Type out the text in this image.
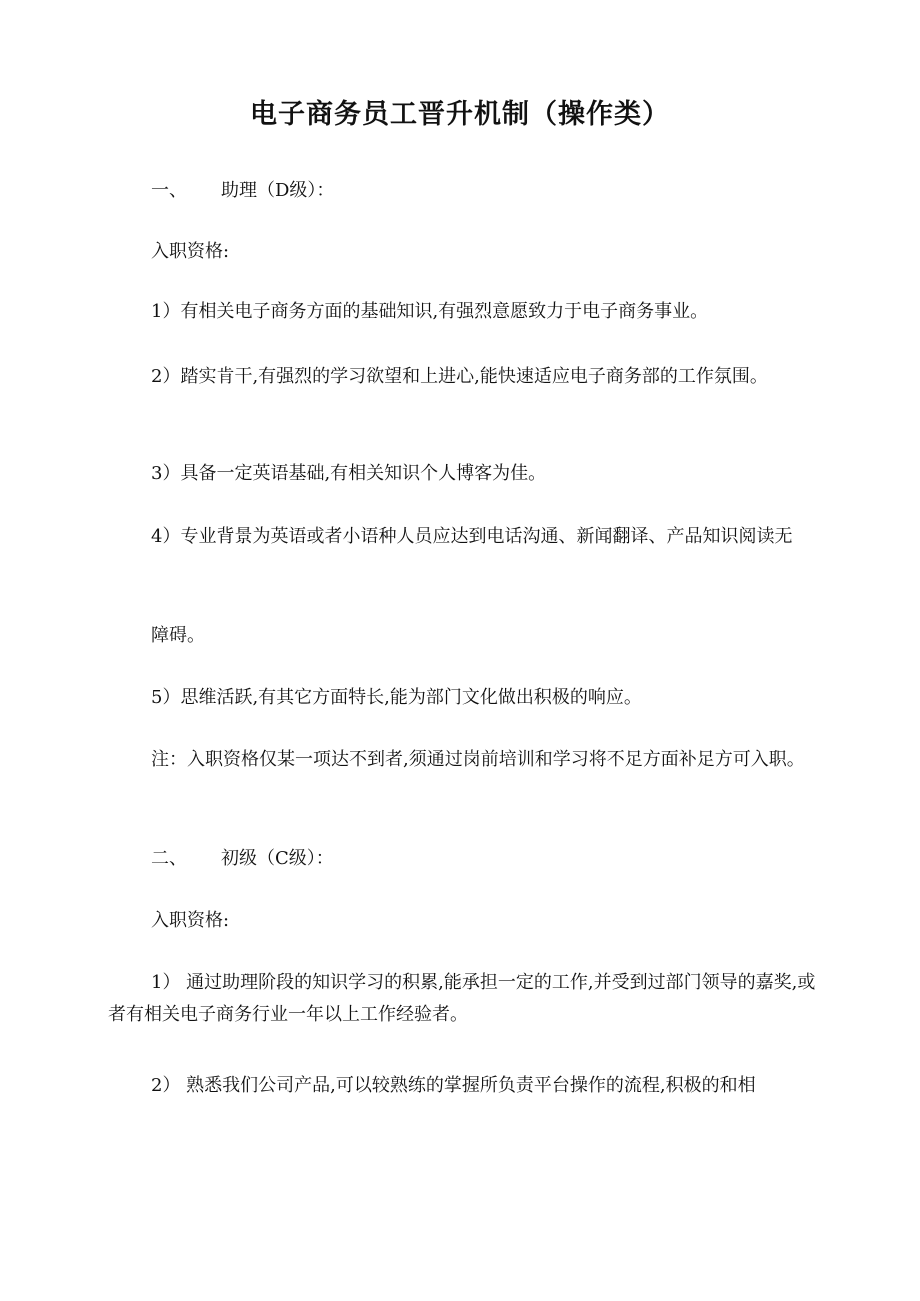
电子商务员工晋升机制（操作类）

一、 助理（D级）：

入职资格:

1）有相关电子商务方面的基础知识,有强烈意愿致力于电子商务事业。

2）踏实肯干,有强烈的学习欲望和上进心,能快速适应电子商务部的工作氛围。

3）具备一定英语基础,有相关知识个人博客为佳。

4）专业背景为英语或者小语种人员应达到电话沟通、新闻翻译、产品知识阅读无

障碍。

5）思维活跃,有其它方面特长,能为部门文化做出积极的响应。

注：入职资格仅某一项达不到者,须通过岗前培训和学习将不足方面补足方可入职。

二、 初级（C级）：

入职资格:

1） 通过助理阶段的知识学习的积累,能承担一定的工作,并受到过部门领导的嘉奖,或者有相关电子商务行业一年以上工作经验者。

2） 熟悉我们公司产品,可以较熟练的掌握所负责平台操作的流程,积极的和相
